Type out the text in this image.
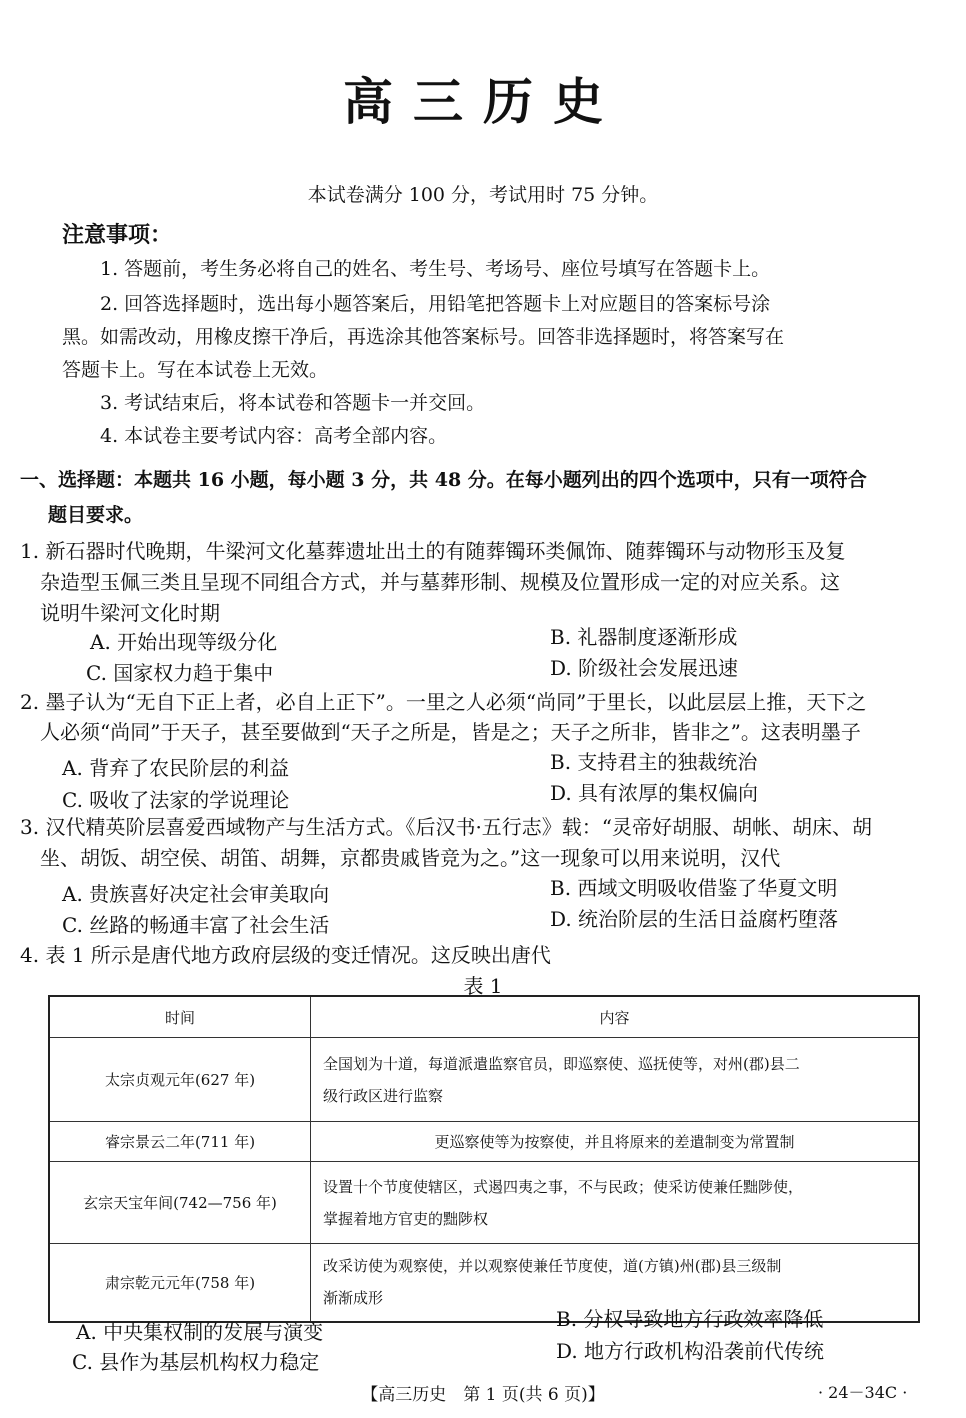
高三历史
本试卷满分 100 分，考试用时 75 分钟。
注意事项：
1. 答题前，考生务必将自己的姓名、考生号、考场号、座位号填写在答题卡上。
2. 回答选择题时，选出每小题答案后，用铅笔把答题卡上对应题目的答案标号涂
黑。如需改动，用橡皮擦干净后，再选涂其他答案标号。回答非选择题时，将答案写在
答题卡上。写在本试卷上无效。
3. 考试结束后，将本试卷和答题卡一并交回。
4. 本试卷主要考试内容：高考全部内容。
一、选择题：本题共 16 小题，每小题 3 分，共 48 分。在每小题列出的四个选项中，只有一项符合
题目要求。
1. 新石器时代晚期，牛梁河文化墓葬遗址出土的有随葬镯环类佩饰、随葬镯环与动物形玉及复
杂造型玉佩三类且呈现不同组合方式，并与墓葬形制、规模及位置形成一定的对应关系。这
说明牛梁河文化时期
A. 开始出现等级分化	B. 礼器制度逐渐形成
C. 国家权力趋于集中	D. 阶级社会发展迅速
2. 墨子认为“无自下正上者，必自上正下”。一里之人必须“尚同”于里长，以此层层上推，天下之
人必须“尚同”于天子，甚至要做到“天子之所是，皆是之；天子之所非，皆非之”。这表明墨子
A. 背弃了农民阶层的利益	B. 支持君主的独裁统治
C. 吸收了法家的学说理论	D. 具有浓厚的集权偏向
3. 汉代精英阶层喜爱西域物产与生活方式。《后汉书·五行志》载：“灵帝好胡服、胡帐、胡床、胡
坐、胡饭、胡空侯、胡笛、胡舞，京都贵戚皆竞为之。”这一现象可以用来说明，汉代
A. 贵族喜好决定社会审美取向	B. 西域文明吸收借鉴了华夏文明
C. 丝路的畅通丰富了社会生活	D. 统治阶层的生活日益腐朽堕落
4. 表 1 所示是唐代地方政府层级的变迁情况。这反映出唐代
表 1
时间	内容
太宗贞观元年(627 年)	全国划为十道，每道派遣监察官员，即巡察使、巡抚使等，对州(郡)县二
级行政区进行监察

睿宗景云二年(711 年)	更巡察使等为按察使，并且将原来的差遣制变为常置制

玄宗天宝年间(742—756 年)	设置十个节度使辖区，式遏四夷之事，不与民政；使采访使兼任黜陟使，
掌握着地方官吏的黜陟权

肃宗乾元元年(758 年)	改采访使为观察使，并以观察使兼任节度使，道(方镇)州(郡)县三级制
渐渐成形
A. 中央集权制的发展与演变
B. 分权导致地方行政效率降低
C. 县作为基层机构权力稳定	D. 地方行政机构沿袭前代传统
【高三历史　第 1 页(共 6 页)】	· 24－34C ·
